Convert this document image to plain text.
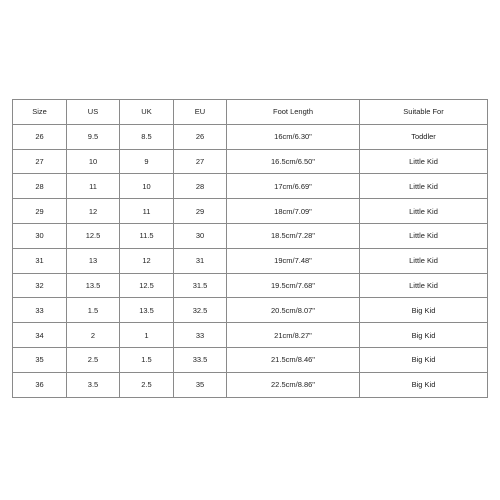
Size	US	UK	EU	Foot Length	Suitable For
26	9.5	8.5	26	16cm/6.30"	Toddler
27	10	9	27	16.5cm/6.50"	Little Kid
28	11	10	28	17cm/6.69"	Little Kid
29	12	11	29	18cm/7.09"	Little Kid
30	12.5	11.5	30	18.5cm/7.28"	Little Kid
31	13	12	31	19cm/7.48"	Little Kid
32	13.5	12.5	31.5	19.5cm/7.68"	Little Kid
33	1.5	13.5	32.5	20.5cm/8.07"	Big Kid
34	2	1	33	21cm/8.27"	Big Kid
35	2.5	1.5	33.5	21.5cm/8.46"	Big Kid
36	3.5	2.5	35	22.5cm/8.86"	Big Kid
